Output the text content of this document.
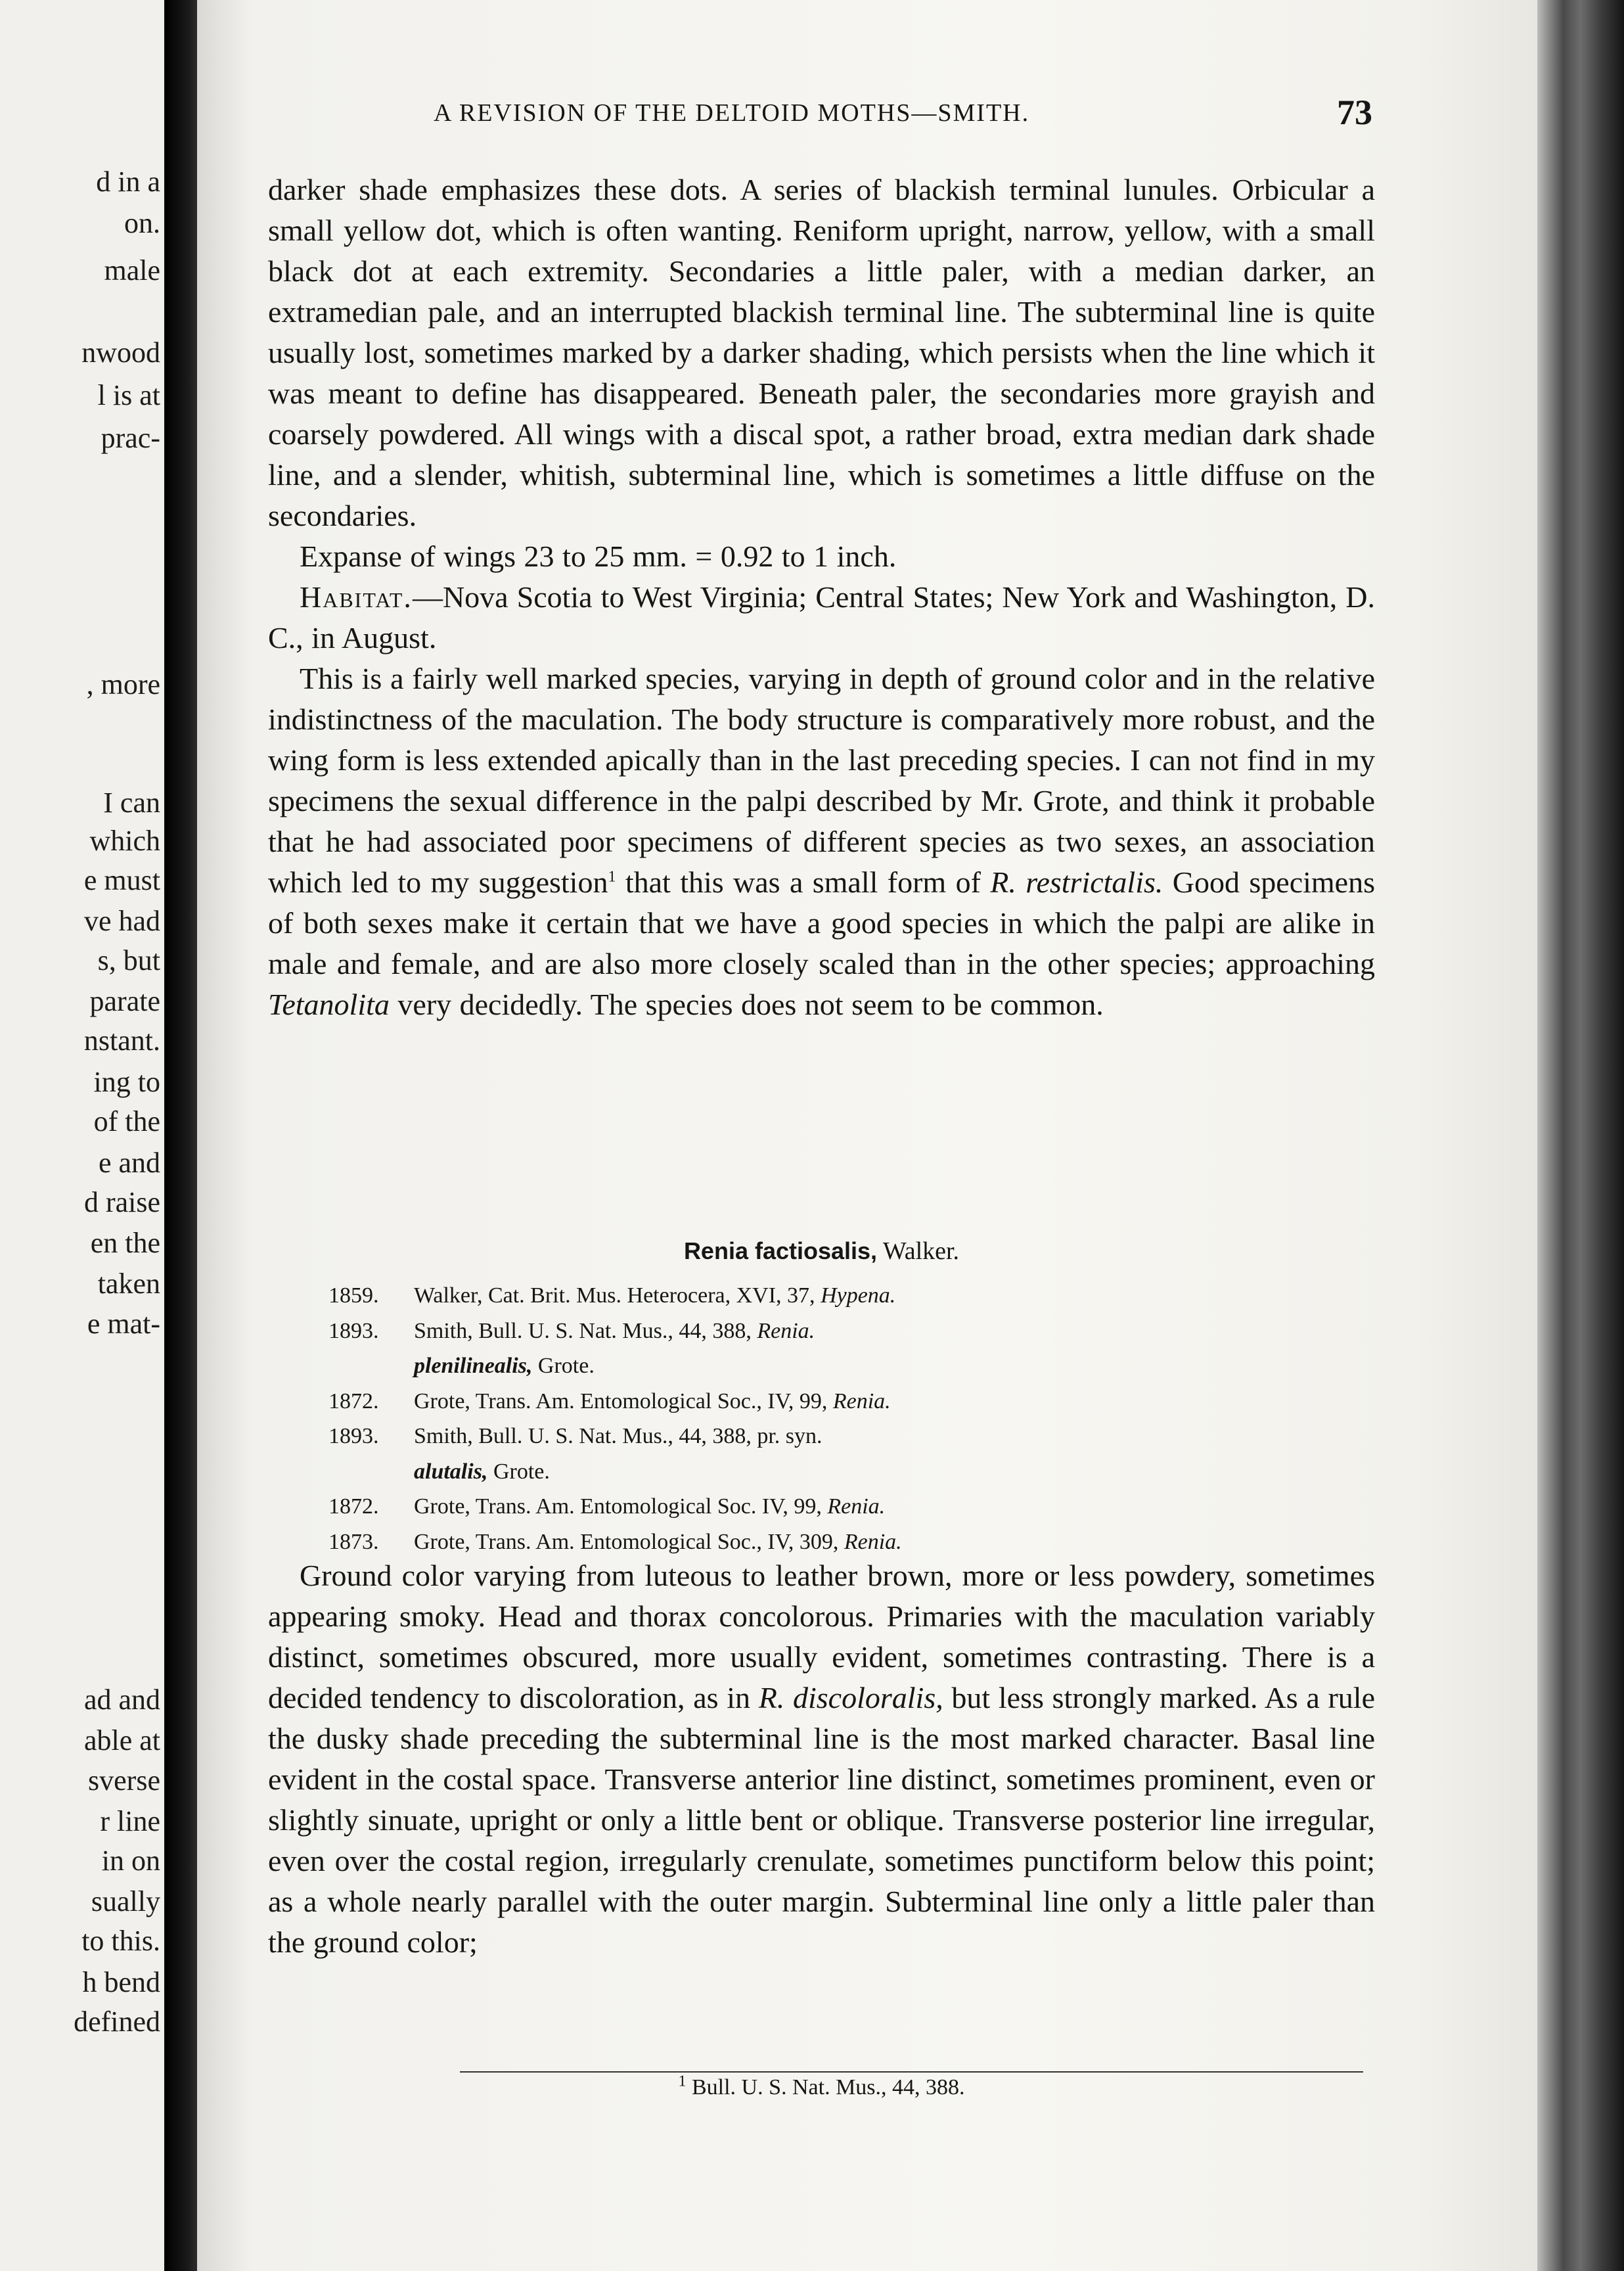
d in a
on.
male
nwood
l is at
prac-
, more
I can
which
e must
ve had
s, but
parate
nstant.
ing to
of the
e and
d raise
en the
taken
e mat-
ad and
able at
sverse
r line
in on
sually
to this.
h bend
defined
A REVISION OF THE DELTOID MOTHS—SMITH.	73

darker shade emphasizes these dots. A series of blackish terminal lunules. Orbicular a small yellow dot, which is often wanting. Reniform upright, narrow, yellow, with a small black dot at each extremity. Secondaries a little paler, with a median darker, an extramedian pale, and an interrupted blackish terminal line. The subterminal line is quite usually lost, sometimes marked by a darker shading, which persists when the line which it was meant to define has disappeared. Beneath paler, the secondaries more grayish and coarsely powdered. All wings with a discal spot, a rather broad, extra median dark shade line, and a slender, whitish, subterminal line, which is sometimes a little diffuse on the secondaries.

Expanse of wings 23 to 25 mm. = 0.92 to 1 inch.

Habitat.—Nova Scotia to West Virginia; Central States; New York and Washington, D. C., in August.

This is a fairly well marked species, varying in depth of ground color and in the relative indistinctness of the maculation. The body structure is comparatively more robust, and the wing form is less extended apically than in the last preceding species. I can not find in my specimens the sexual difference in the palpi described by Mr. Grote, and think it probable that he had associated poor specimens of different species as two sexes, an association which led to my suggestion$^1$ that this was a small form of R. restrictalis. Good specimens of both sexes make it certain that we have a good species in which the palpi are alike in male and female, and are also more closely scaled than in the other species; approaching Tetanolita very decidedly. The species does not seem to be common.

Renia factiosalis, Walker.
1859. Walker, Cat. Brit. Mus. Heterocera, XVI, 37, Hypena.
1893. Smith, Bull. U. S. Nat. Mus., 44, 388, Renia.
plenilinealis, Grote.
1872. Grote, Trans. Am. Entomological Soc., IV, 99, Renia.
1893. Smith, Bull. U. S. Nat. Mus., 44, 388, pr. syn.
alutalis, Grote.
1872. Grote, Trans. Am. Entomological Soc. IV, 99, Renia.
1873. Grote, Trans. Am. Entomological Soc., IV, 309, Renia.

Ground color varying from luteous to leather brown, more or less powdery, sometimes appearing smoky. Head and thorax concolorous. Primaries with the maculation variably distinct, sometimes obscured, more usually evident, sometimes contrasting. There is a decided tendency to discoloration, as in R. discoloralis, but less strongly marked. As a rule the dusky shade preceding the subterminal line is the most marked character. Basal line evident in the costal space. Transverse anterior line distinct, sometimes prominent, even or slightly sinuate, upright or only a little bent or oblique. Transverse posterior line irregular, even over the costal region, irregularly crenulate, sometimes punctiform below this point; as a whole nearly parallel with the outer margin. Subterminal line only a little paler than the ground color;

$^1$ Bull. U. S. Nat. Mus., 44, 388.
